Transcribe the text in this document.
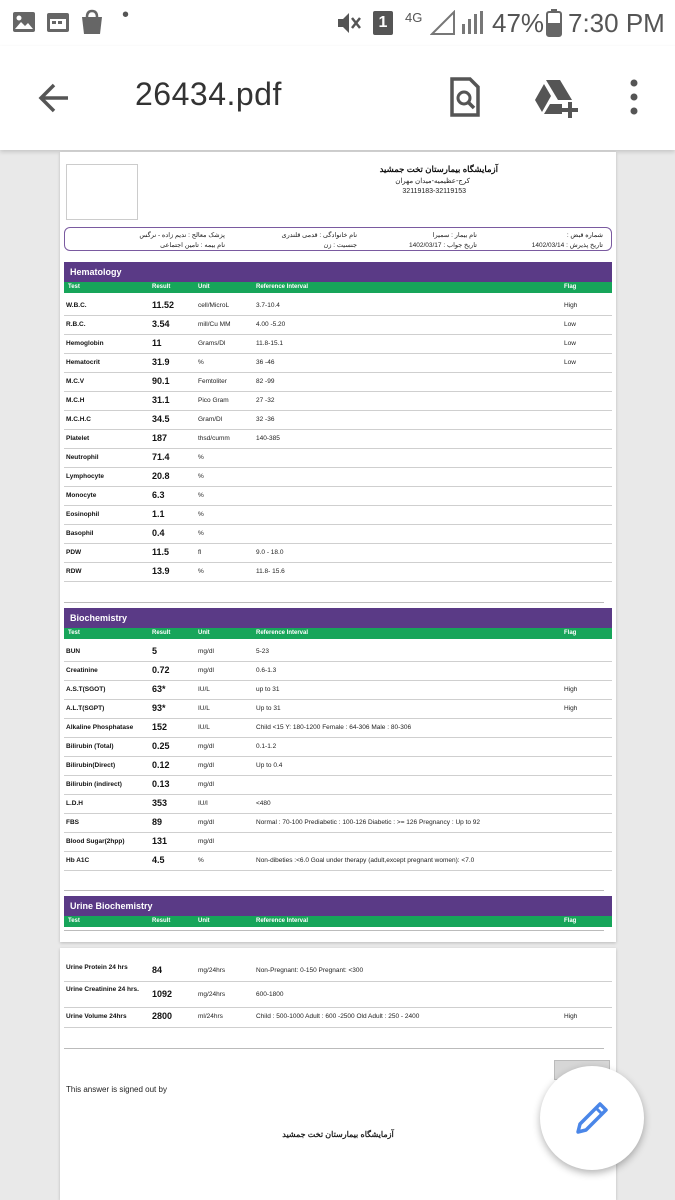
•	1	4G	47% 7:30 PM
26434.pdf
آزمایشگاه بیمارستان تخت جمشید
کرج-عظیمیه-میدان مهران
32119183-32119153
شماره قبض :
نام بیمار : سمیرا
نام خانوادگی : قدمی قلندری
پزشک معالج : ندیم زاده - نرگس
تاریخ پذیرش : 1402/03/14
تاریخ جواب : 1402/03/17
جنسیت : زن
نام بیمه : تامین اجتماعی
Hematology
Test	Result	Unit	Reference Interval	Flag
W.B.C.	11.52	cell/MicroL	3.7-10.4	High
R.B.C.	3.54	mill/Cu MM	4.00 -5.20	Low
Hemoglobin	11	Grams/Dl	11.8-15.1	Low
Hematocrit	31.9	%	36 -46	Low
M.C.V	90.1	Femtoliter	82 -99
M.C.H	31.1	Pico Gram	27 -32
M.C.H.C	34.5	Gram/Dl	32 -36
Platelet	187	thsd/cumm	140-385
Neutrophil	71.4	%
Lymphocyte	20.8	%
Monocyte	6.3	%
Eosinophil	1.1	%
Basophil	0.4	%
PDW	11.5	fl	9.0 - 18.0
RDW	13.9	%	11.8- 15.6
Biochemistry
Test	Result	Unit	Reference Interval	Flag
BUN	5	mg/dl	5-23
Creatinine	0.72	mg/dl	0.6-1.3
A.S.T(SGOT)	63*	IU/L	up to 31	High
A.L.T(SGPT)	93*	IU/L	Up to 31	High
Alkaline Phosphatase 152	IU/L	Child <15 Y: 180-1200 Female : 64-306 Male : 80-306
Bilirubin (Total)	0.25	mg/dl	0.1-1.2
Bilirubin(Direct)	0.12	mg/dl	Up to 0.4
Bilirubin (indirect)	0.13	mg/dl
L.D.H	353	IU/l	<480
FBS	89	mg/dl	Normal : 70-100 Prediabetic : 100-126 Diabetic : >= 126 Pregnancy : Up to 92
Blood Sugar(2hpp)	131	mg/dl
Hb A1C	4.5	%	Non-dibeties :<6.0 Goal under therapy (adult,except pregnant women): <7.0
Urine Biochemistry
Test	Result	Unit	Reference Interval	Flag
Urine Protein 24 hrs	84	mg/24hrs	Non-Pregnant: 0-150 Pregnant: <300
Urine Creatinine 24 hrs.	1092	mg/24hrs	600-1800
Urine Volume 24hrs	2800	ml/24hrs	Child : 500-1000 Adult : 600 -2500 Old Adult : 250 - 2400	High
This answer is signed out by
آزمایشگاه بیمارستان تخت جمشید
